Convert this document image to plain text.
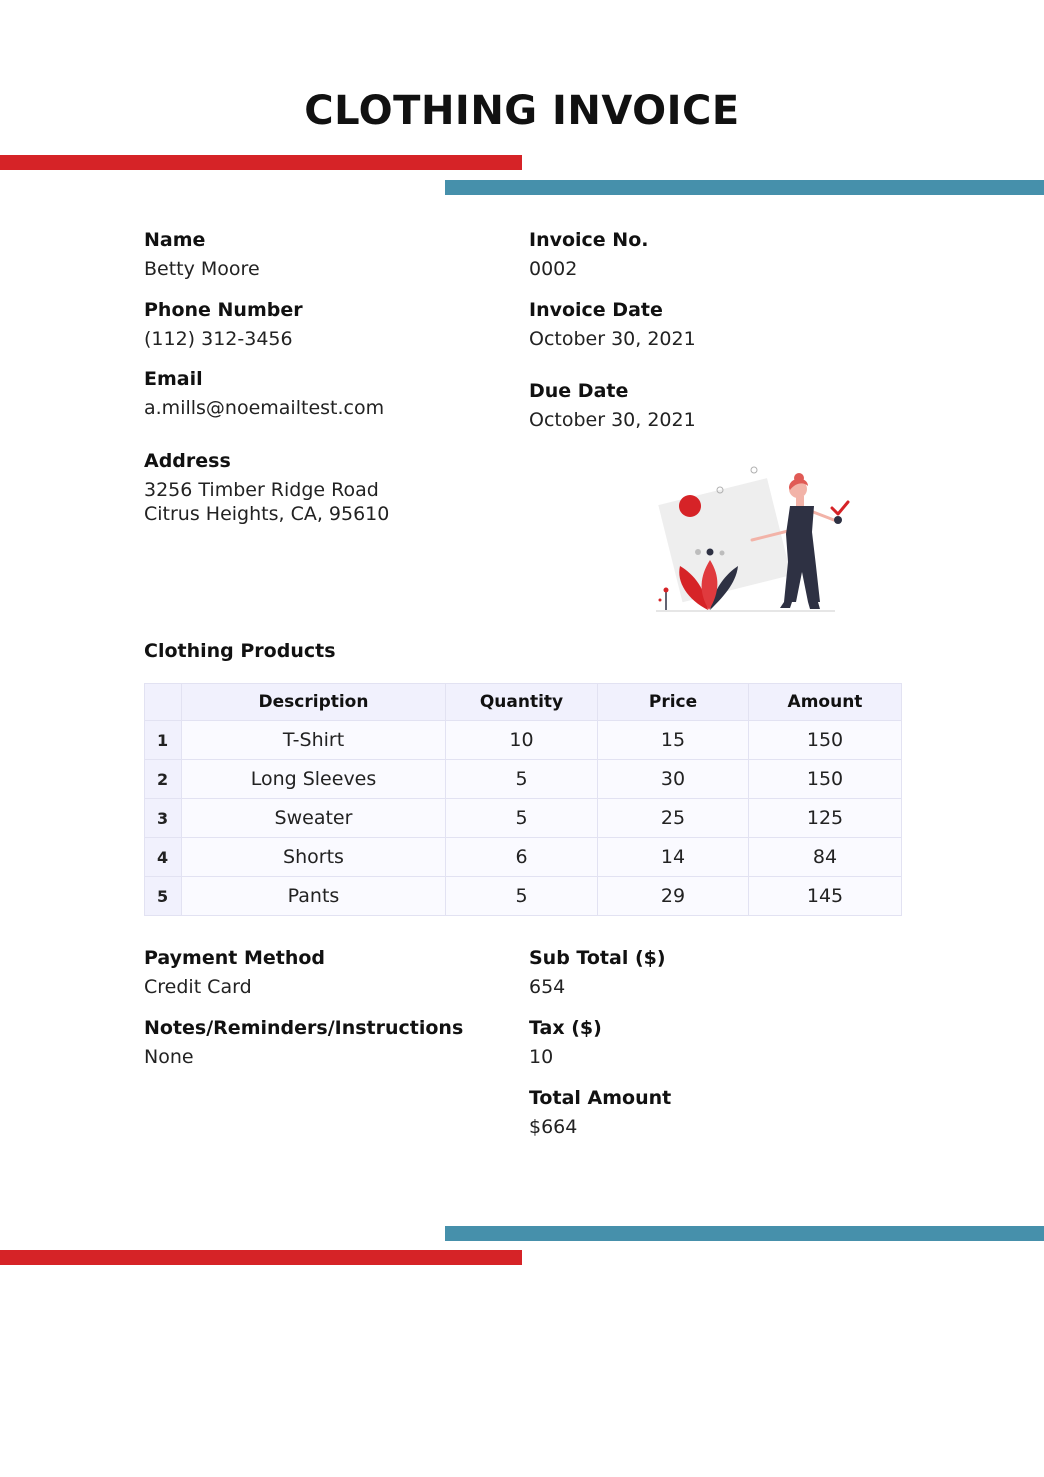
CLOTHING INVOICE
Name
Betty Moore
Phone Number
(112) 312-3456
Email
a.mills@noemailtest.com
Address
3256 Timber Ridge Road
Citrus Heights, CA, 95610
Invoice No.
0002
Invoice Date
October 30, 2021
Due Date
October 30, 2021
Clothing Products
	Description	Quantity	Price	Amount
1	T-Shirt	10	15	150
2	Long Sleeves	5	30	150
3	Sweater	5	25	125
4	Shorts	6	14	84
5	Pants	5	29	145
Payment Method
Credit Card
Notes/Reminders/Instructions
None
Sub Total ($)
654
Tax ($)
10
Total Amount
$664
